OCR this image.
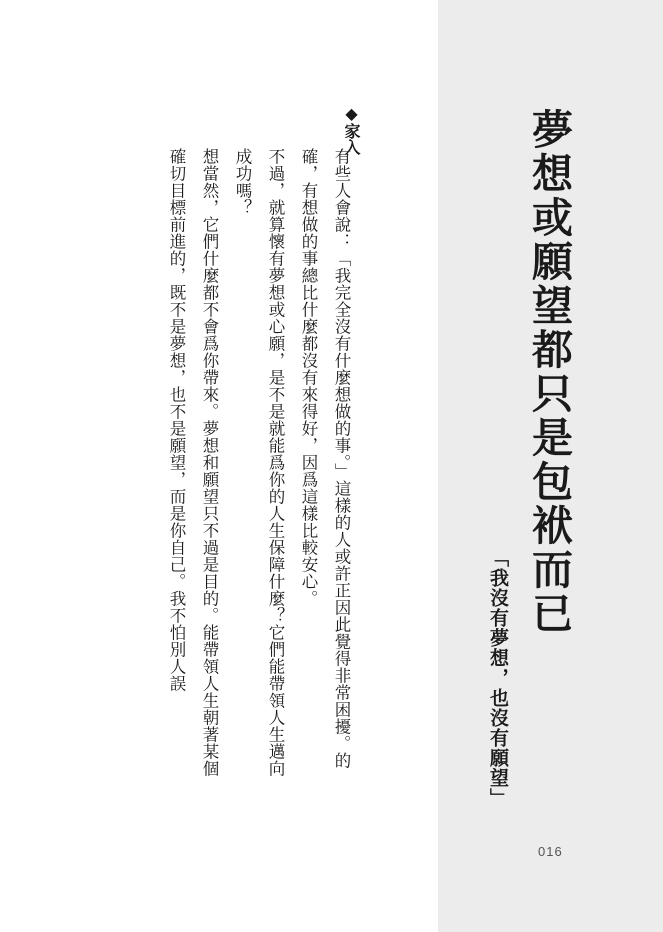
夢想或願望都只是包袱而已
「我沒有夢想，也沒有願望」
016
◆家入

有些人會說：「我完全沒有什麼想做的事。」這樣的人或許正因此覺得非常困擾。的確，有想做的事總比什麼都沒有來得好，因爲這樣比較安心。

不過，就算懷有夢想或心願，是不是就能爲你的人生保障什麼？它們能帶領人生邁向成功嗎？

想當然，它們什麼都不會爲你帶來。夢想和願望只不過是目的。能帶領人生朝著某個確切目標前進的，既不是夢想，也不是願望，而是你自己。我不怕別人誤
